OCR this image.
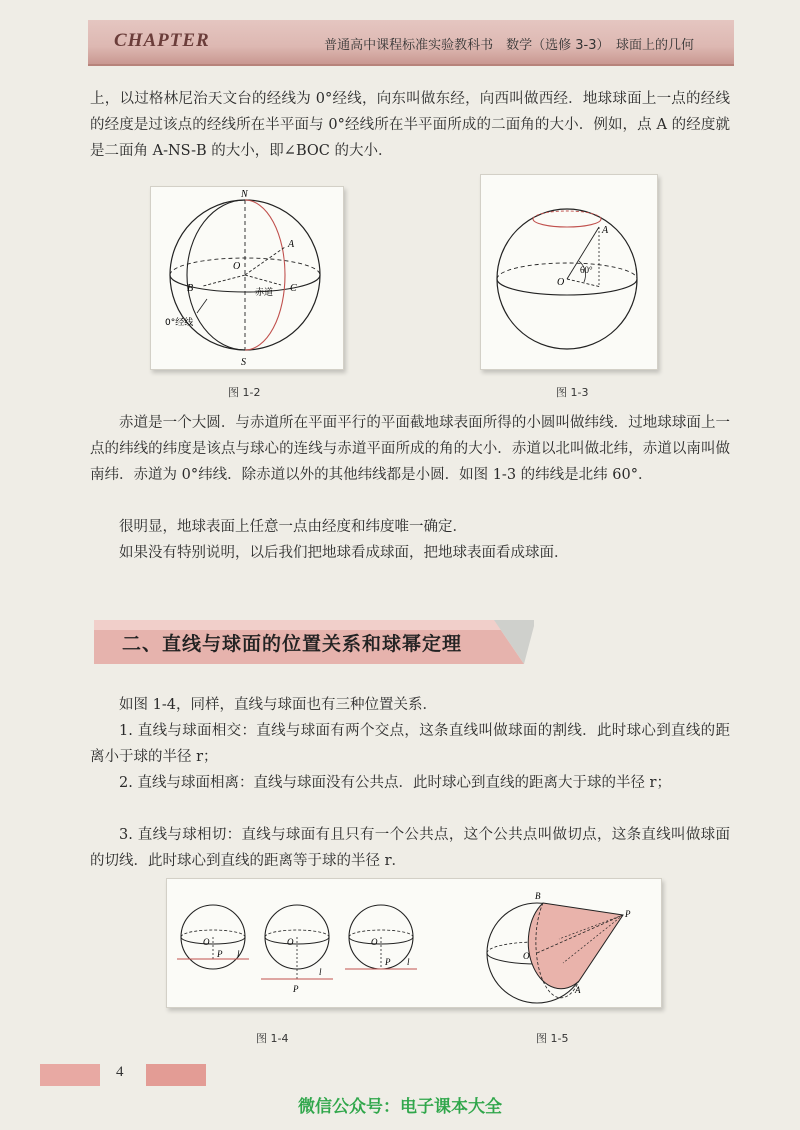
CHAPTER	普通高中课程标准实验教科书　数学（选修 3-3）　球面上的几何

上，以过格林尼治天文台的经线为 0°经线，向东叫做东经，向西叫做西经．地球球面上一点的经线的经度是过该点的经线所在半平面与 0°经线所在半平面所成的二面角的大小．例如，点 A 的经度就是二面角 A-NS-B 的大小，即∠BOC 的大小．

N
S
O
A
B	C
赤道
0°经线
图 1-2
A
O
60°
图 1-3

赤道是一个大圆．与赤道所在平面平行的平面截地球表面所得的小圆叫做纬线．过地球球面上一点的纬线的纬度是该点与球心的连线与赤道平面所成的角的大小．赤道以北叫做北纬，赤道以南叫做南纬．赤道为 0°纬线．除赤道以外的其他纬线都是小圆．如图 1-3 的纬线是北纬 60°．

很明显，地球表面上任意一点由经度和纬度唯一确定．

如果没有特别说明，以后我们把地球看成球面，把地球表面看成球面．

二、直线与球面的位置关系和球幂定理

如图 1-4，同样，直线与球面也有三种位置关系．

1. 直线与球面相交：直线与球面有两个交点，这条直线叫做球面的割线．此时球心到直线的距离小于球的半径 r；

2. 直线与球面相离：直线与球面没有公共点．此时球心到直线的距离大于球的半径 r；

3. 直线与球相切：直线与球面有且只有一个公共点，这个公共点叫做切点，这条直线叫做球面的切线．此时球心到直线的距离等于球的半径 r．

O
P l
O
P
l
O
P l
B
P
O
A
图 1-4	图 1-5
4
微信公众号：电子课本大全
